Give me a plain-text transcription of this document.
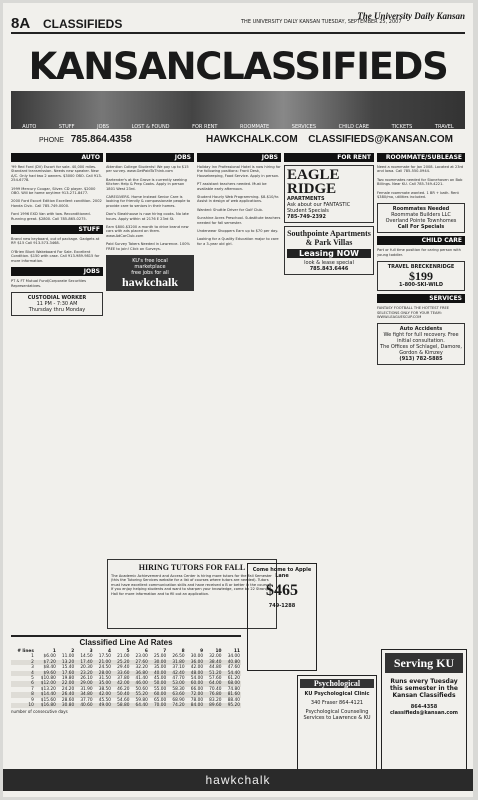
8A CLASSIFIEDS	THE UNIVERSITY DAILY KANSAN TUESDAY, SEPTEMBER 25, 2007
The University Daily Kansan
KANSANCLASSIFIEDS
AUTO	STUFF	JOBS	LOST & FOUND	FOR RENT	ROOMMATE	SERVICES	CHILD CARE	TICKETS	TRAVEL
PHONE 785.864.4358	HAWKCHALK.COM CLASSIFIEDS@KANSAN.COM
AUTO

'99 Red Ford (DV) Escort for sale. 40,000 miles. Standard transmission. Needs new speaker. New A/C. Only had two 2 owners. $3000 OBO. Call 913-254-6778.

1999 Mercury Cougar, Silver. CD player. $2000 OBO. Will be home anytime 913-271-8477.

2000 Ford Escort Edition Excellent condition. 2002 Honda Civic. Call 785-749-0000.

Ford 1996 EXD Van with tow. Reconditioned. Running great. $2800. Call 785-865-0275.

STUFF

Brand new keyboard, out of package. Gadgets at RP. $15 Call 913-573-3468.

O'Brien Blunt Wakeboard For Sale. Excellent Condition. $150 with case. Call 913-989-9815 for more information.

JOBS

PT & FT Mutual Fund/Corporate Securities Representatives.

CUSTODIAL WORKER
11 PM - 7:30 AM
Thursday thru Monday
JOBS

Attention College Students! We pay up to $15 per survey. www.GetPaidToThink.com

Bartender's at the Grove is currently seeking Kitchen Help & Prep Cooks. Apply in person 1801 West 23rd.

CAREGIVERS. Home Instead Senior Care is looking for friendly & compassionate people to provide care to seniors in their homes.

Don's Steakhouse is now hiring cooks. No late hours. Apply within at 2176 E 23rd St.

Earn $800-$3200 a month to drive brand new cars with ads placed on them. www.AdCarClub.com

Paid Survey Takers Needed in Lawrence. 100% FREE to join! Click on Surveys.

KU's free local
marketplace
free jobs for all
hawkchalk
JOBS

Holiday Inn Professional Hotel is now hiring for the following positions: Front Desk, Housekeeping, Food Service. Apply in person.

PT assistant teachers needed. Must be available early afternoon.

Student Hourly Web Programming. $8-$10/hr. Assist in design of web applications.

Wanted: Shuttle Driver for Golf Club.

Sunshine Acres Preschool. Substitute teachers needed for fall semester.

Underwear Shoppers Earn up to $70 per day.

Looking for a Quality Education major to care for a 3-year old girl.

FOR RENT
EAGLE
RIDGE
APARTMENTS
Ask about our FANTASTIC Student Specials
785-749-2392
Southpointe Apartments & Park Villas
Leasing NOW
look & lease special
785.843.6446
ROOMMATE/SUBLEASE

Need a roommate for Jan 2008. Located at 23rd and Iowa. Call 785-550-0944.

Two roommates needed for Stonehaven on Bob Billings. Near KU. Call 785-749-4221.

Female roommate wanted. 1 BR + bath. Rent $380/mo, utilities included.

Roommates Needed
Roommate Builders LLC
Overland Pointe Townhomes
Call For Specials
CHILD CARE

Part or full time position for caring person with young toddler.

TRAVEL BRECKENRIDGE
$199
1-800-SKI-WILD
SERVICES

FANTASY FOOTBALL THE HOTTEST FREE SELECTIONS ONLY FOR YOUR TEAM: WWW.LEAGUESCUP.COM

Auto Accidents
We fight for full recovery. Free initial consultation.
The Offices of Schlagel, Damore, Gordon & Kimzey
(913) 782-5885
HIRING TUTORS FOR FALL

The Academic Achievement and Access Center is hiring more tutors for the Fall Semester (this the Tutoring Services website for a list of courses where tutors are needed). Tutors must have excellent communication skills and have received a B or better in the course. If you enjoy helping students and want to sharpen your knowledge, come by 22 Strong Hall for more information and to fill out an application.

Come home to Apple Lane
$465
749-1288
Classified Line Ad Rates
# lines	1	2	3	4	5	6	7	8	9	10	11
1	$6.00	11.00	14.50	17.50	21.00	23.00	25.00	26.50	30.00	32.00	34.00
2	$7.20	13.20	17.40	21.00	25.20	27.60	30.00	31.80	36.00	38.40	40.80
3	$8.40	15.40	20.30	24.50	29.40	32.20	35.00	37.10	42.00	44.80	47.60
4	$9.60	17.60	23.20	28.00	33.60	36.80	40.00	42.40	48.00	51.20	54.40
5	$10.80	19.80	26.10	31.50	37.80	41.40	45.00	47.70	54.00	57.60	61.20
6	$12.00	22.00	29.00	35.00	42.00	46.00	50.00	53.00	60.00	64.00	68.00
7	$13.20	24.20	31.90	38.50	46.20	50.60	55.00	58.30	66.00	70.40	74.80
8	$14.40	26.40	34.80	42.00	50.40	55.20	60.00	63.60	72.00	76.80	81.60
9	$15.60	28.60	37.70	45.50	54.60	59.80	65.00	68.90	78.00	83.20	88.40
10	$16.80	30.80	40.60	49.00	58.80	64.40	70.00	74.20	84.00	89.60	95.20
number of consecutive days
Psychological
KU Psychological Clinic
340 Fraser 864-4121
Psychological Counseling Services to Lawrence & KU
Serving KU
Runs every Tuesday this semester in the Kansan Classifieds
864-4358
classifieds@kansan.com
hawkchalk
